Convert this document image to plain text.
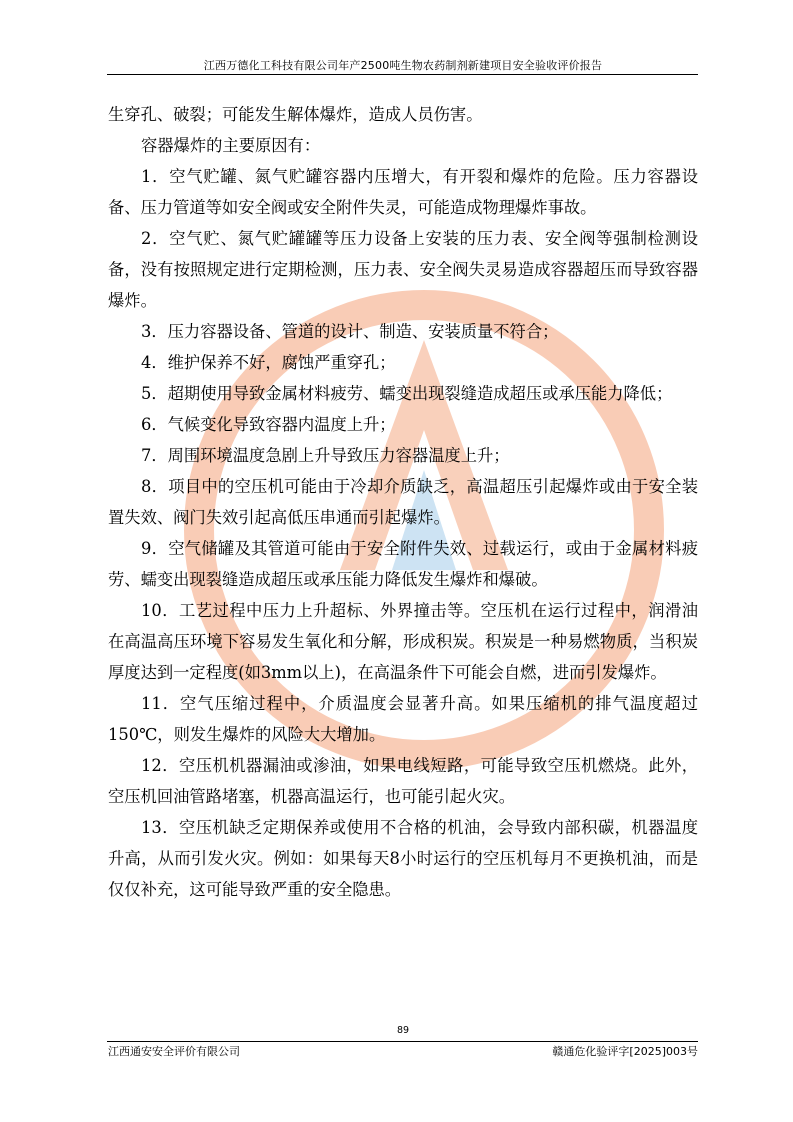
江西万德化工科技有限公司年产2500吨生物农药制剂新建项目安全验收评价报告

生穿孔、破裂；可能发生解体爆炸，造成人员伤害。

容器爆炸的主要原因有：

1．空气贮罐、氮气贮罐容器内压增大，有开裂和爆炸的危险。压力容器设备、压力管道等如安全阀或安全附件失灵，可能造成物理爆炸事故。

2．空气贮、氮气贮罐罐等压力设备上安装的压力表、安全阀等强制检测设备，没有按照规定进行定期检测，压力表、安全阀失灵易造成容器超压而导致容器爆炸。

3．压力容器设备、管道的设计、制造、安装质量不符合；

4．维护保养不好，腐蚀严重穿孔；

5．超期使用导致金属材料疲劳、蠕变出现裂缝造成超压或承压能力降低；

6．气候变化导致容器内温度上升；

7．周围环境温度急剧上升导致压力容器温度上升；

8．项目中的空压机可能由于冷却介质缺乏，高温超压引起爆炸或由于安全装置失效、阀门失效引起高低压串通而引起爆炸。

9．空气储罐及其管道可能由于安全附件失效、过载运行，或由于金属材料疲劳、蠕变出现裂缝造成超压或承压能力降低发生爆炸和爆破。

10．工艺过程中压力上升超标、外界撞击等。空压机在运行过程中，润滑油在高温高压环境下容易发生氧化和分解，形成积炭。积炭是一种易燃物质，当积炭厚度达到一定程度(如3mm以上)，在高温条件下可能会自燃，进而引发爆炸。

11．空气压缩过程中，介质温度会显著升高。如果压缩机的排气温度超过150℃，则发生爆炸的风险大大增加。

12．空压机机器漏油或渗油，如果电线短路，可能导致空压机燃烧。此外，空压机回油管路堵塞，机器高温运行，也可能引起火灾。

13．空压机缺乏定期保养或使用不合格的机油，会导致内部积碳，机器温度升高，从而引发火灾。例如：如果每天8小时运行的空压机每月不更换机油，而是仅仅补充，这可能导致严重的安全隐患。

89
江西通安安全评价有限公司	赣通危化验评字[2025]003号
